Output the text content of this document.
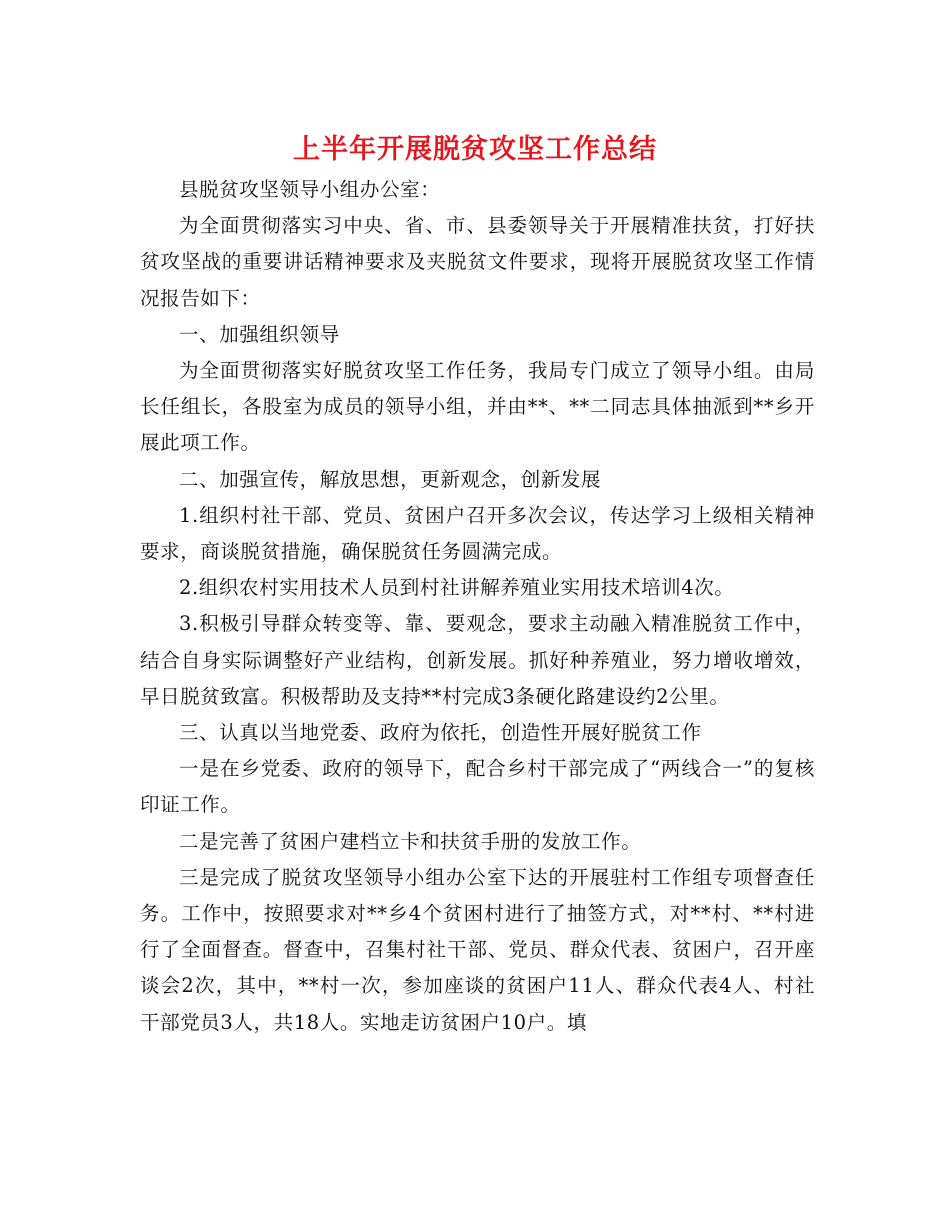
上半年开展脱贫攻坚工作总结

县脱贫攻坚领导小组办公室：

为全面贯彻落实习中央、省、市、县委领导关于开展精准扶贫，打好扶贫攻坚战的重要讲话精神要求及夹脱贫文件要求，现将开展脱贫攻坚工作情况报告如下：

一、加强组织领导

为全面贯彻落实好脱贫攻坚工作任务，我局专门成立了领导小组。由局长任组长，各股室为成员的领导小组，并由**、**二同志具体抽派到**乡开展此项工作。

二、加强宣传，解放思想，更新观念，创新发展

1.组织村社干部、党员、贫困户召开多次会议，传达学习上级相关精神要求，商谈脱贫措施，确保脱贫任务圆满完成。

2.组织农村实用技术人员到村社讲解养殖业实用技术培训4次。

3.积极引导群众转变等、靠、要观念，要求主动融入精准脱贫工作中，结合自身实际调整好产业结构，创新发展。抓好种养殖业，努力增收增效，早日脱贫致富。积极帮助及支持**村完成3条硬化路建设约2公里。

三、认真以当地党委、政府为依托，创造性开展好脱贫工作

一是在乡党委、政府的领导下，配合乡村干部完成了“两线合一”的复核印证工作。

二是完善了贫困户建档立卡和扶贫手册的发放工作。

三是完成了脱贫攻坚领导小组办公室下达的开展驻村工作组专项督查任务。工作中，按照要求对**乡4个贫困村进行了抽签方式，对**村、**村进行了全面督查。督查中，召集村社干部、党员、群众代表、贫困户，召开座谈会2次，其中，**村一次，参加座谈的贫困户11人、群众代表4人、村社干部党员3人，共18人。实地走访贫困户10户。填
